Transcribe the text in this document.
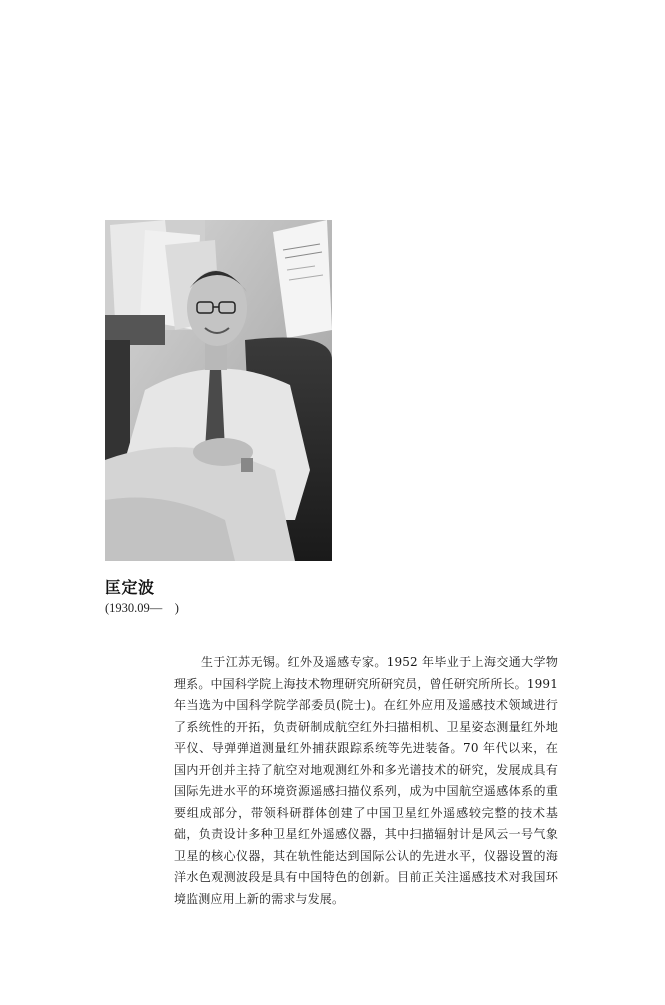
匡定波
(1930.09—　)

生于江苏无锡。红外及遥感专家。1952 年毕业于上海交通大学物理系。中国科学院上海技术物理研究所研究员，曾任研究所所长。1991 年当选为中国科学院学部委员(院士)。在红外应用及遥感技术领域进行了系统性的开拓，负责研制成航空红外扫描相机、卫星姿态测量红外地平仪、导弹弹道测量红外捕获跟踪系统等先进装备。70 年代以来，在国内开创并主持了航空对地观测红外和多光谱技术的研究，发展成具有国际先进水平的环境资源遥感扫描仪系列，成为中国航空遥感体系的重要组成部分，带领科研群体创建了中国卫星红外遥感较完整的技术基础，负责设计多种卫星红外遥感仪器，其中扫描辐射计是风云一号气象卫星的核心仪器，其在轨性能达到国际公认的先进水平，仪器设置的海洋水色观测波段是具有中国特色的创新。目前正关注遥感技术对我国环境监测应用上新的需求与发展。
